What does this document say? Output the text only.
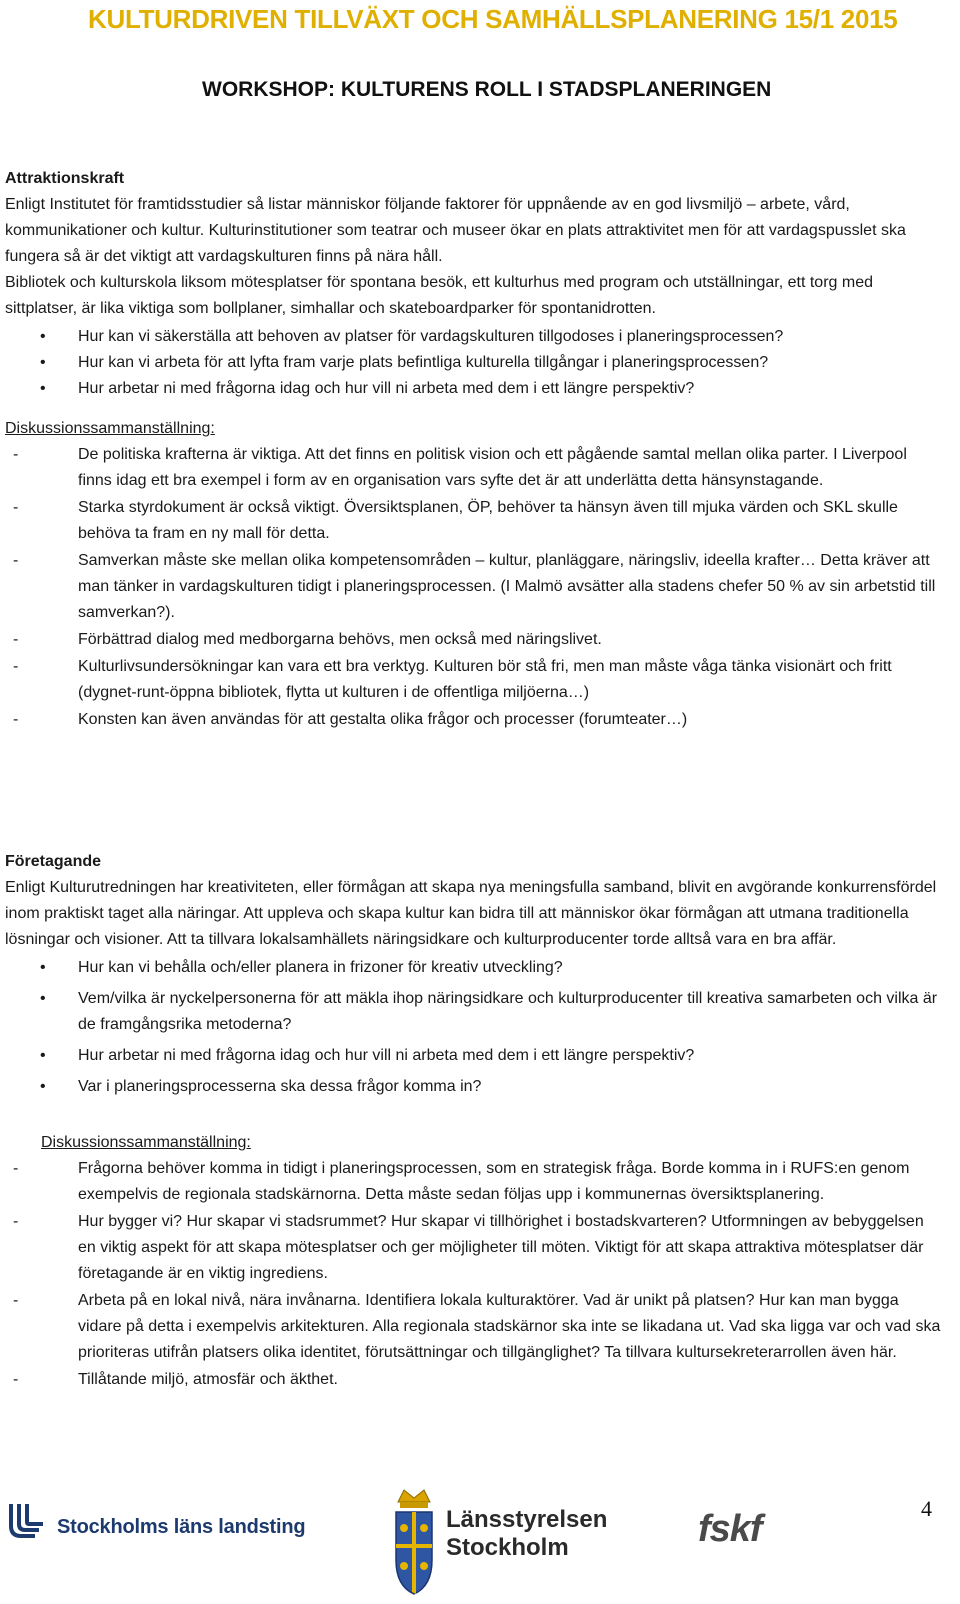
KULTURDRIVEN TILLVÄXT OCH SAMHÄLLSPLANERING 15/1 2015
WORKSHOP: KULTURENS ROLL I STADSPLANERINGEN
Attraktionskraft

Enligt Institutet för framtidsstudier så listar människor följande faktorer för uppnående av en god livsmiljö – arbete, vård, kommunikationer och kultur. Kulturinstitutioner som teatrar och museer ökar en plats attraktivitet men för att vardagspusslet ska fungera så är det viktigt att vardagskulturen finns på nära håll.

Bibliotek och kulturskola liksom mötesplatser för spontana besök, ett kulturhus med program och utställningar, ett torg med sittplatser, är lika viktiga som bollplaner, simhallar och skateboardparker för spontanidrotten.

• Hur kan vi säkerställa att behoven av platser för vardagskulturen tillgodoses i planeringsprocessen?
• Hur kan vi arbeta för att lyfta fram varje plats befintliga kulturella tillgångar i planeringsprocessen?
• Hur arbetar ni med frågorna idag och hur vill ni arbeta med dem i ett längre perspektiv?
Diskussionssammanställning:
-	De politiska krafterna är viktiga. Att det finns en politisk vision och ett pågående samtal mellan olika parter. I Liverpool finns idag ett bra exempel i form av en organisation vars syfte det är att underlätta detta hänsynstagande.
-	Starka styrdokument är också viktigt. Översiktsplanen, ÖP, behöver ta hänsyn även till mjuka värden och SKL skulle behöva ta fram en ny mall för detta.
-	Samverkan måste ske mellan olika kompetensområden – kultur, planläggare, näringsliv, ideella krafter… Detta kräver att man tänker in vardagskulturen tidigt i planeringsprocessen. (I Malmö avsätter alla stadens chefer 50 % av sin arbetstid till samverkan?).
-	Förbättrad dialog med medborgarna behövs, men också med näringslivet.
-	Kulturlivsundersökningar kan vara ett bra verktyg. Kulturen bör stå fri, men man måste våga tänka visionärt och fritt (dygnet-runt-öppna bibliotek, flytta ut kulturen i de offentliga miljöerna…)
-	Konsten kan även användas för att gestalta olika frågor och processer (forumteater…)
Företagande

Enligt Kulturutredningen har kreativiteten, eller förmågan att skapa nya meningsfulla samband, blivit en avgörande konkurrensfördel inom praktiskt taget alla näringar. Att uppleva och skapa kultur kan bidra till att människor ökar förmågan att utmana traditionella lösningar och visioner. Att ta tillvara lokalsamhällets näringsidkare och kulturproducenter torde alltså vara en bra affär.

• Hur kan vi behålla och/eller planera in frizoner för kreativ utveckling?
• Vem/vilka är nyckelpersonerna för att mäkla ihop näringsidkare och kulturproducenter till kreativa samarbeten och vilka är de framgångsrika metoderna?
• Hur arbetar ni med frågorna idag och hur vill ni arbeta med dem i ett längre perspektiv?
• Var i planeringsprocesserna ska dessa frågor komma in?
Diskussionssammanställning:
-	Frågorna behöver komma in tidigt i planeringsprocessen, som en strategisk fråga. Borde komma in i RUFS:en genom exempelvis de regionala stadskärnorna. Detta måste sedan följas upp i kommunernas översiktsplanering.
-	Hur bygger vi? Hur skapar vi stadsrummet? Hur skapar vi tillhörighet i bostadskvarteren? Utformningen av bebyggelsen en viktig aspekt för att skapa mötesplatser och ger möjligheter till möten. Viktigt för att skapa attraktiva mötesplatser där företagande är en viktig ingrediens.
-	Arbeta på en lokal nivå, nära invånarna. Identifiera lokala kulturaktörer. Vad är unikt på platsen? Hur kan man bygga vidare på detta i exempelvis arkitekturen. Alla regionala stadskärnor ska inte se likadana ut. Vad ska ligga var och vad ska prioriteras utifrån platsers olika identitet, förutsättningar och tillgänglighet? Ta tillvara kultursekreterarrollen även här.
-	Tillåtande miljö, atmosfär och äkthet.
Stockholms läns landsting	Länsstyrelsen
Stockholm	fskf	4
